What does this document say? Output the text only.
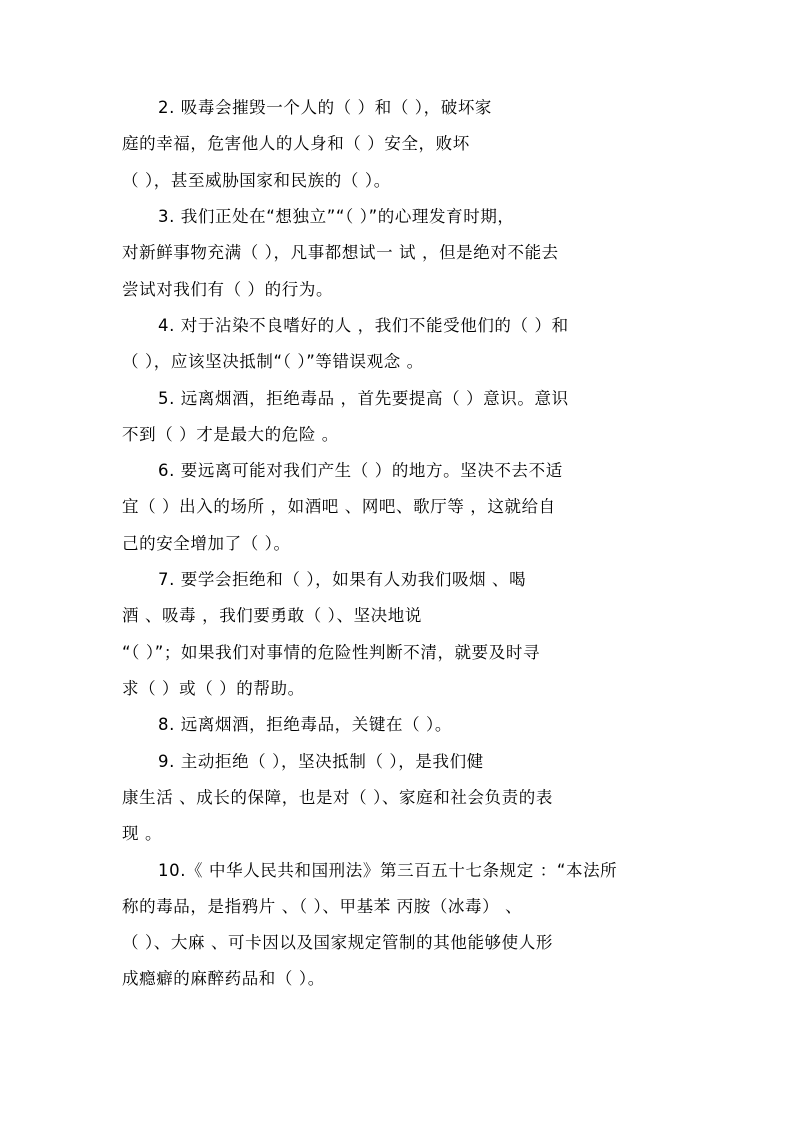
2. 吸毒会摧毁一个人的（ ）和（ ），破坏家
庭的幸福，危害他人的人身和（ ）安全，败坏
（ ），甚至威胁国家和民族的（ ）。
3. 我们正处在“想独立”“（ ）”的心理发育时期，
对新鲜事物充满（ ），凡事都想试一 试 ，但是绝对不能去
尝试对我们有（ ）的行为。
4. 对于沾染不良嗜好的人 ，我们不能受他们的（ ）和
（ ），应该坚决抵制“（ ）”等错误观念 。
5. 远离烟酒，拒绝毒品 ，首先要提高（ ）意识。意识
不到（ ）才是最大的危险 。
6. 要远离可能对我们产生（ ）的地方。坚决不去不适
宜（ ）出入的场所 ，如酒吧 、网吧、歌厅等 ，这就给自
己的安全增加了（ ）。
7. 要学会拒绝和（ ），如果有人劝我们吸烟 、喝
酒 、吸毒 ，我们要勇敢（ ）、坚决地说
“（ ）”；如果我们对事情的危险性判断不清，就要及时寻
求（ ）或（ ）的帮助。
8. 远离烟酒，拒绝毒品，关键在（ ）。
9. 主动拒绝（ ），坚决抵制（ ），是我们健
康生活 、成长的保障，也是对（ ）、家庭和社会负责的表
现 。
10.《 中华人民共和国刑法》第三百五十七条规定 ：“本法所
称的毒品，是指鸦片 、（ ）、甲基苯 丙胺（冰毒） 、
（ ）、大麻 、可卡因以及国家规定管制的其他能够使人形
成瘾癖的麻醉药品和（ ）。
